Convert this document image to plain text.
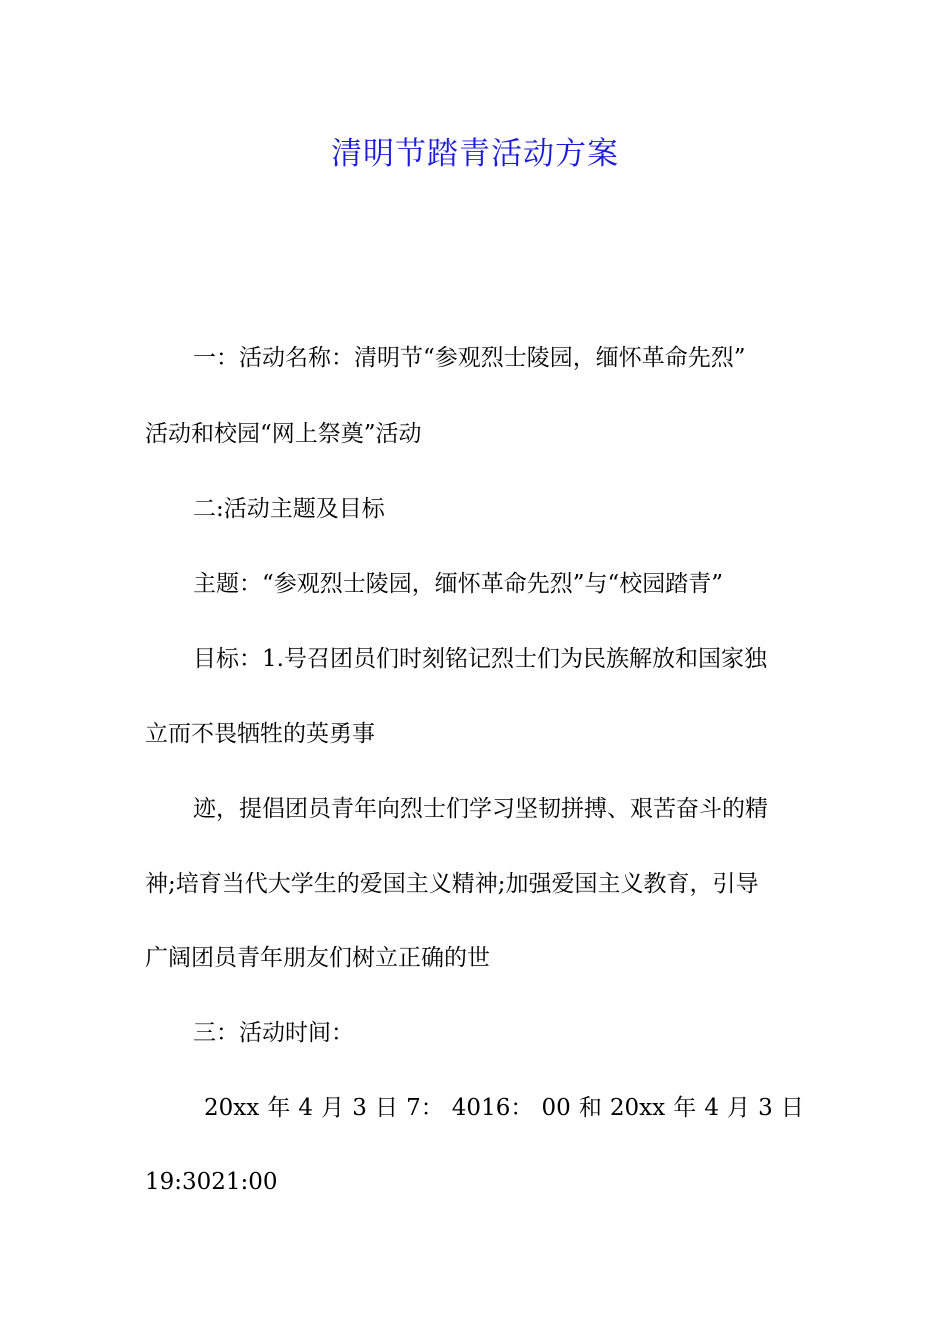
清明节踏青活动方案
一：活动名称：清明节“参观烈士陵园，缅怀革命先烈”
活动和校园“网上祭奠”活动
二:活动主题及目标
主题：“参观烈士陵园，缅怀革命先烈”与“校园踏青”
目标：1.号召团员们时刻铭记烈士们为民族解放和国家独
立而不畏牺牲的英勇事
迹，提倡团员青年向烈士们学习坚韧拼搏、艰苦奋斗的精
神;培育当代大学生的爱国主义精神;加强爱国主义教育，引导
广阔团员青年朋友们树立正确的世
三：活动时间：
20xx 年 4 月 3 日 7： 4016： 00 和 20xx 年 4 月 3 日
19:3021:00
